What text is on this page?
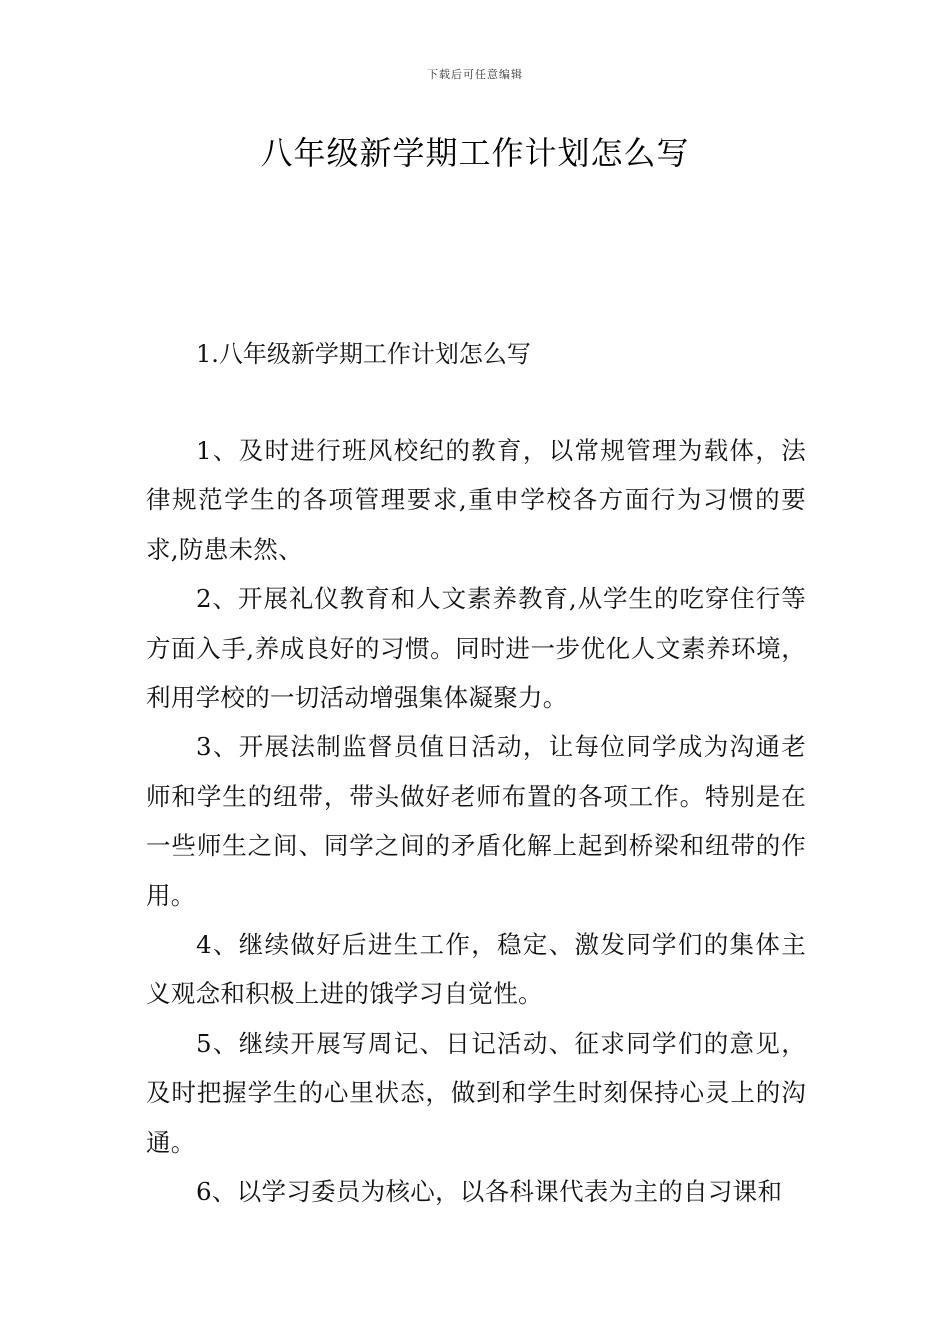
下载后可任意编辑
八年级新学期工作计划怎么写
1.八年级新学期工作计划怎么写

1、及时进行班风校纪的教育，以常规管理为载体，法律规范学生的各项管理要求,重申学校各方面行为习惯的要求,防患未然、

2、开展礼仪教育和人文素养教育,从学生的吃穿住行等方面入手,养成良好的习惯。同时进一步优化人文素养环境，利用学校的一切活动增强集体凝聚力。

3、开展法制监督员值日活动，让每位同学成为沟通老师和学生的纽带，带头做好老师布置的各项工作。特别是在一些师生之间、同学之间的矛盾化解上起到桥梁和纽带的作用。

4、继续做好后进生工作，稳定、激发同学们的集体主义观念和积极上进的饿学习自觉性。

5、继续开展写周记、日记活动、征求同学们的意见，及时把握学生的心里状态，做到和学生时刻保持心灵上的沟通。

6、以学习委员为核心，以各科课代表为主的自习课和
